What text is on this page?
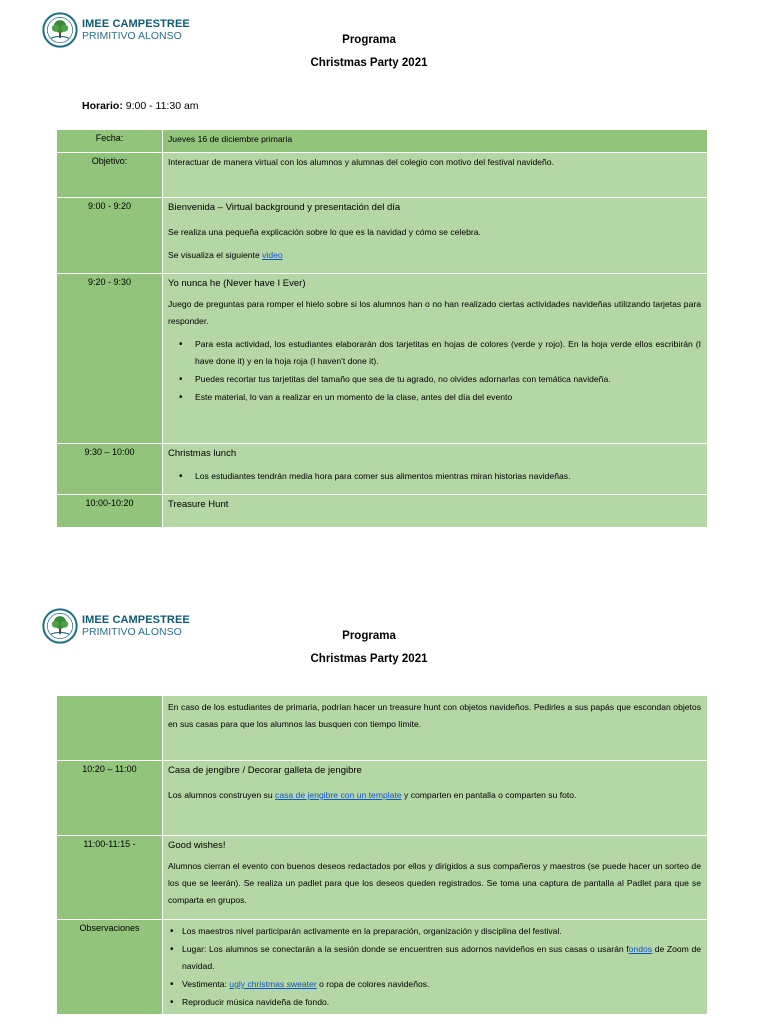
IMEE CAMPESTREE
PRIMITIVO ALONSO	Programa
Christmas Party 2021
Horario: 9:00 - 11:30 am
Fecha:	Jueves 16 de diciembre primaria
Objetivo:	Interactuar de manera virtual con los alumnos y alumnas del colegio con motivo del festival navideño.
9:00 - 9:20	Bienvenida – Virtual background y presentación del día

Se realiza una pequeña explicación sobre lo que es la navidad y cómo se celebra.

Se visualiza el siguiente video

9:20 - 9:30	Yo nunca he (Never have I Ever)

Juego de preguntas para romper el hielo sobre si los alumnos han o no han realizado ciertas actividades navideñas utilizando tarjetas para responder.

• Para esta actividad, los estudiantes elaborarán dos tarjetitas en hojas de colores (verde y rojo). En la hoja verde ellos escribirán (I have done it) y en la hoja roja (I haven't done it).
• Puedes recortar tus tarjetitas del tamaño que sea de tu agrado, no olvides adornarlas con temática navideña.
• Este material, lo van a realizar en un momento de la clase, antes del día del evento
9:30 – 10:00	Christmas lunch

• Los estudiantes tendrán media hora para comer sus alimentos mientras miran historias navideñas.
10:00-10:20	Treasure Hunt

IMEE CAMPESTREE
PRIMITIVO ALONSO	Programa
Christmas Party 2021

En caso de los estudiantes de primaria, podrían hacer un treasure hunt con objetos navideños. Pedirles a sus papás que escondan objetos en sus casas para que los alumnos las busquen con tiempo límite.

10:20 – 11:00	Casa de jengibre / Decorar galleta de jengibre

Los alumnos construyen su casa de jengibre con un template y comparten en pantalla o comparten su foto.

11:00-11:15 -	Good wishes!

Alumnos cierran el evento con buenos deseos redactados por ellos y dirigidos a sus compañeros y maestros (se puede hacer un sorteo de los que se leerán). Se realiza un padlet para que los deseos queden registrados. Se toma una captura de pantalla al Padlet para que se comparta en grupos.

Observaciones
•	Los maestros nivel participarán activamente en la preparación, organización y disciplina del festival.
• Lugar: Los alumnos se conectarán a la sesión donde se encuentren sus adornos navideños en sus casas o usarán fondos de Zoom de navidad.
• Vestimenta: ugly christmas sweater o ropa de colores navideños.
• Reproducir música navideña de fondo.
